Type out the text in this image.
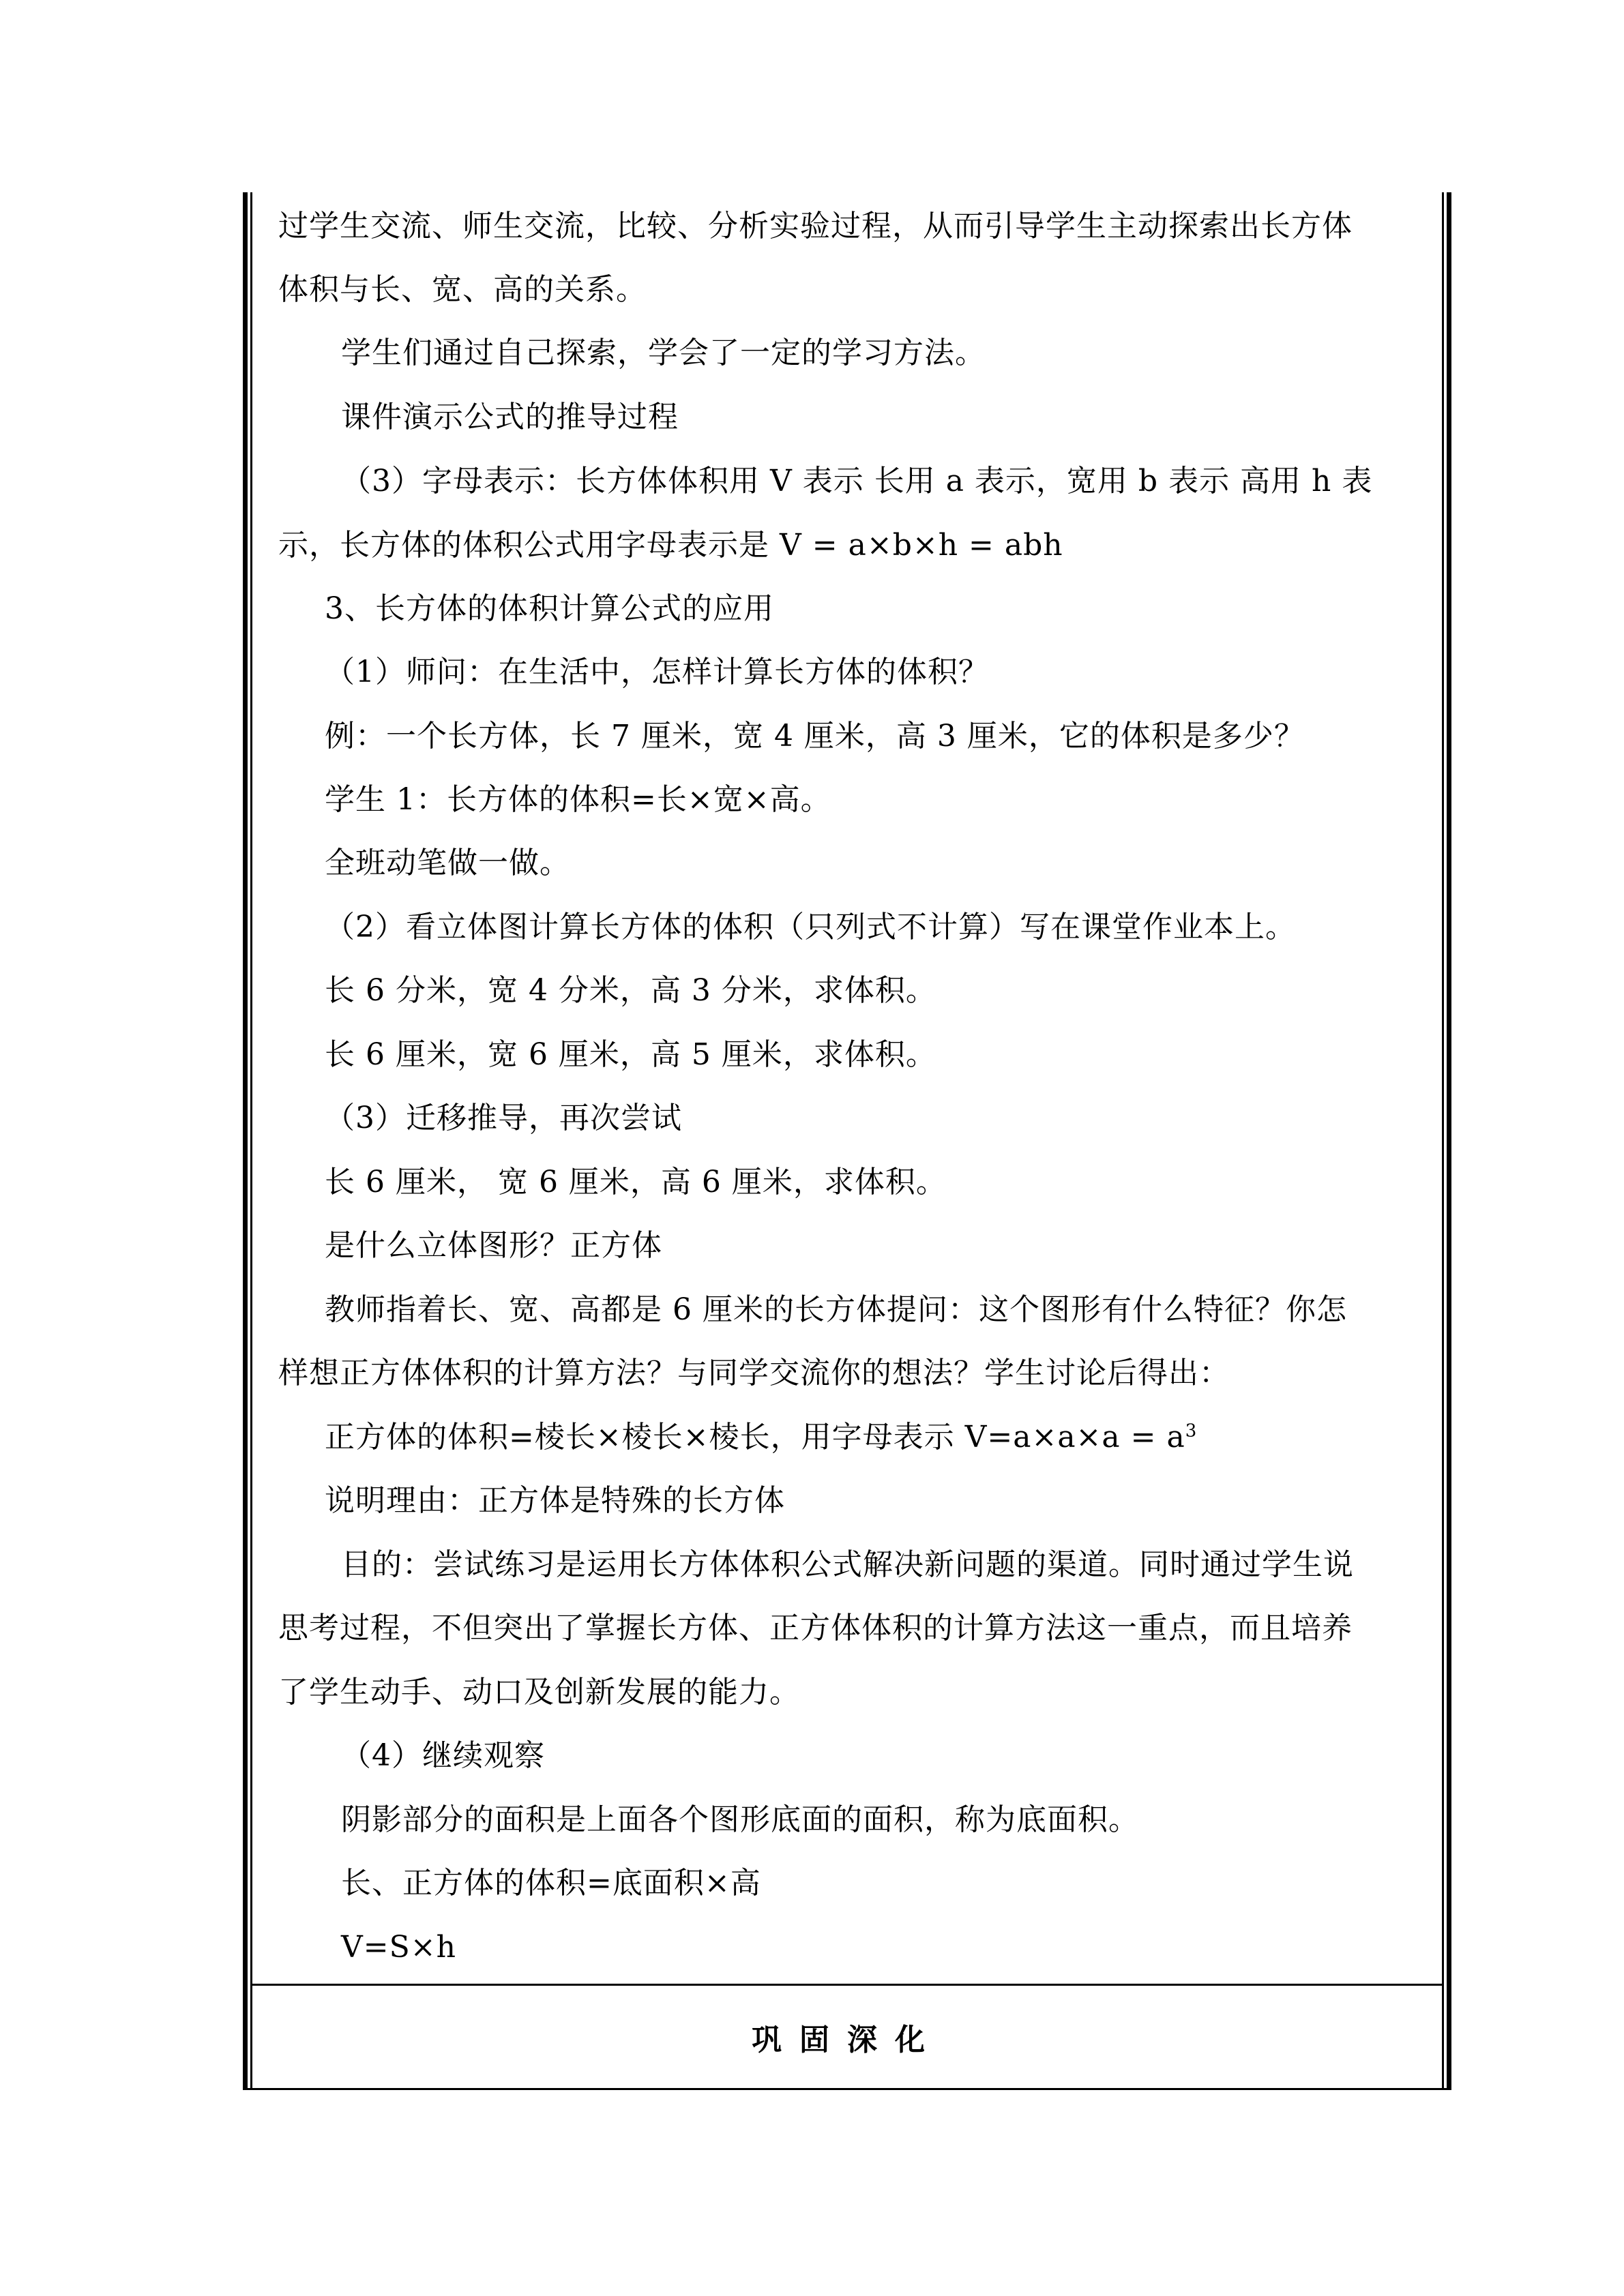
过学生交流、师生交流，比较、分析实验过程，从而引导学生主动探索出长方体
体积与长、宽、高的关系。
学生们通过自己探索，学会了一定的学习方法。
课件演示公式的推导过程
（3）字母表示：长方体体积用 V 表示 长用 a 表示，宽用 b 表示 高用 h 表
示，长方体的体积公式用字母表示是 V = a×b×h = abh
3、长方体的体积计算公式的应用
（1）师问：在生活中，怎样计算长方体的体积？
例：一个长方体，长 7 厘米，宽 4 厘米，高 3 厘米，它的体积是多少？
学生 1：长方体的体积=长×宽×高。
全班动笔做一做。
（2）看立体图计算长方体的体积（只列式不计算）写在课堂作业本上。
长 6 分米，宽 4 分米，高 3 分米，求体积。
长 6 厘米，宽 6 厘米，高 5 厘米，求体积。
（3）迁移推导，再次尝试
长 6 厘米， 宽 6 厘米，高 6 厘米，求体积。
是什么立体图形？正方体
教师指着长、宽、高都是 6 厘米的长方体提问：这个图形有什么特征？你怎
样想正方体体积的计算方法？与同学交流你的想法？学生讨论后得出：
正方体的体积=棱长×棱长×棱长，用字母表示 $V=a\times a\times a = a^3$
说明理由：正方体是特殊的长方体
目的：尝试练习是运用长方体体积公式解决新问题的渠道。同时通过学生说
思考过程，不但突出了掌握长方体、正方体体积的计算方法这一重点，而且培养
了学生动手、动口及创新发展的能力。
（4）继续观察
阴影部分的面积是上面各个图形底面的面积，称为底面积。
长、正方体的体积=底面积×高
V=S×h
巩固深化
